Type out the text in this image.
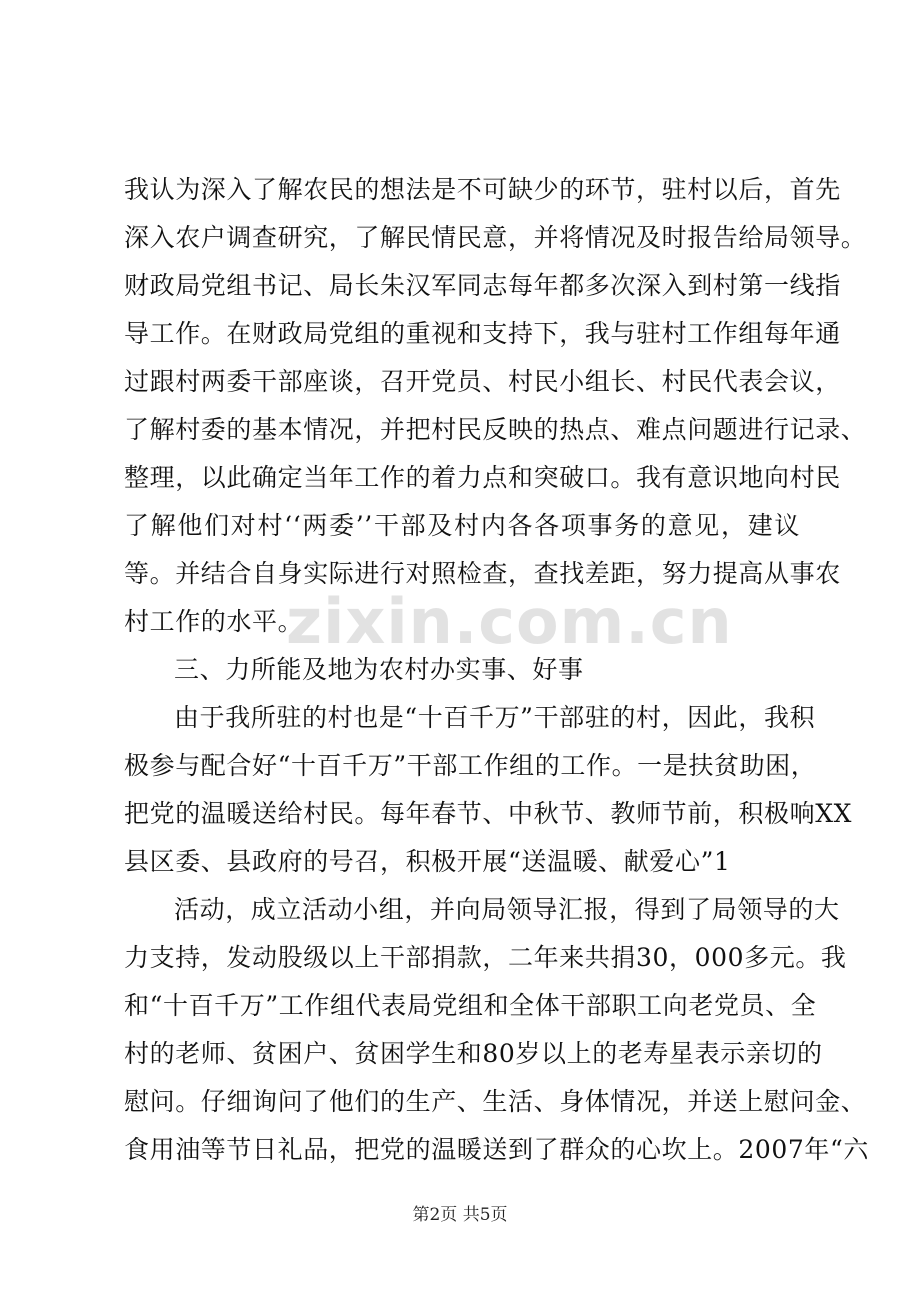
我认为深入了解农民的想法是不可缺少的环节，驻村以后，首先
深入农户调查研究，了解民情民意，并将情况及时报告给局领导。
财政局党组书记、局长朱汉军同志每年都多次深入到村第一线指
导工作。在财政局党组的重视和支持下，我与驻村工作组每年通
过跟村两委干部座谈，召开党员、村民小组长、村民代表会议，
了解村委的基本情况，并把村民反映的热点、难点问题进行记录、
整理，以此确定当年工作的着力点和突破口。我有意识地向村民
了解他们对村‘‘两委’’干部及村内各各项事务的意见，建议
等。并结合自身实际进行对照检查，查找差距，努力提高从事农
村工作的水平。
三、力所能及地为农村办实事、好事
由于我所驻的村也是“十百千万”干部驻的村，因此，我积
极参与配合好“十百千万”干部工作组的工作。一是扶贫助困，
把党的温暖送给村民。每年春节、中秋节、教师节前，积极响XX
县区委、县政府的号召，积极开展“送温暖、献爱心”1
活动，成立活动小组，并向局领导汇报，得到了局领导的大
力支持，发动股级以上干部捐款，二年来共捐30，000多元。我
和“十百千万”工作组代表局党组和全体干部职工向老党员、全
村的老师、贫困户、贫困学生和80岁以上的老寿星表示亲切的
慰问。仔细询问了他们的生产、生活、身体情况，并送上慰问金、
食用油等节日礼品，把党的温暖送到了群众的心坎上。2007年“六
zixin.com.cn
第2页 共5页
